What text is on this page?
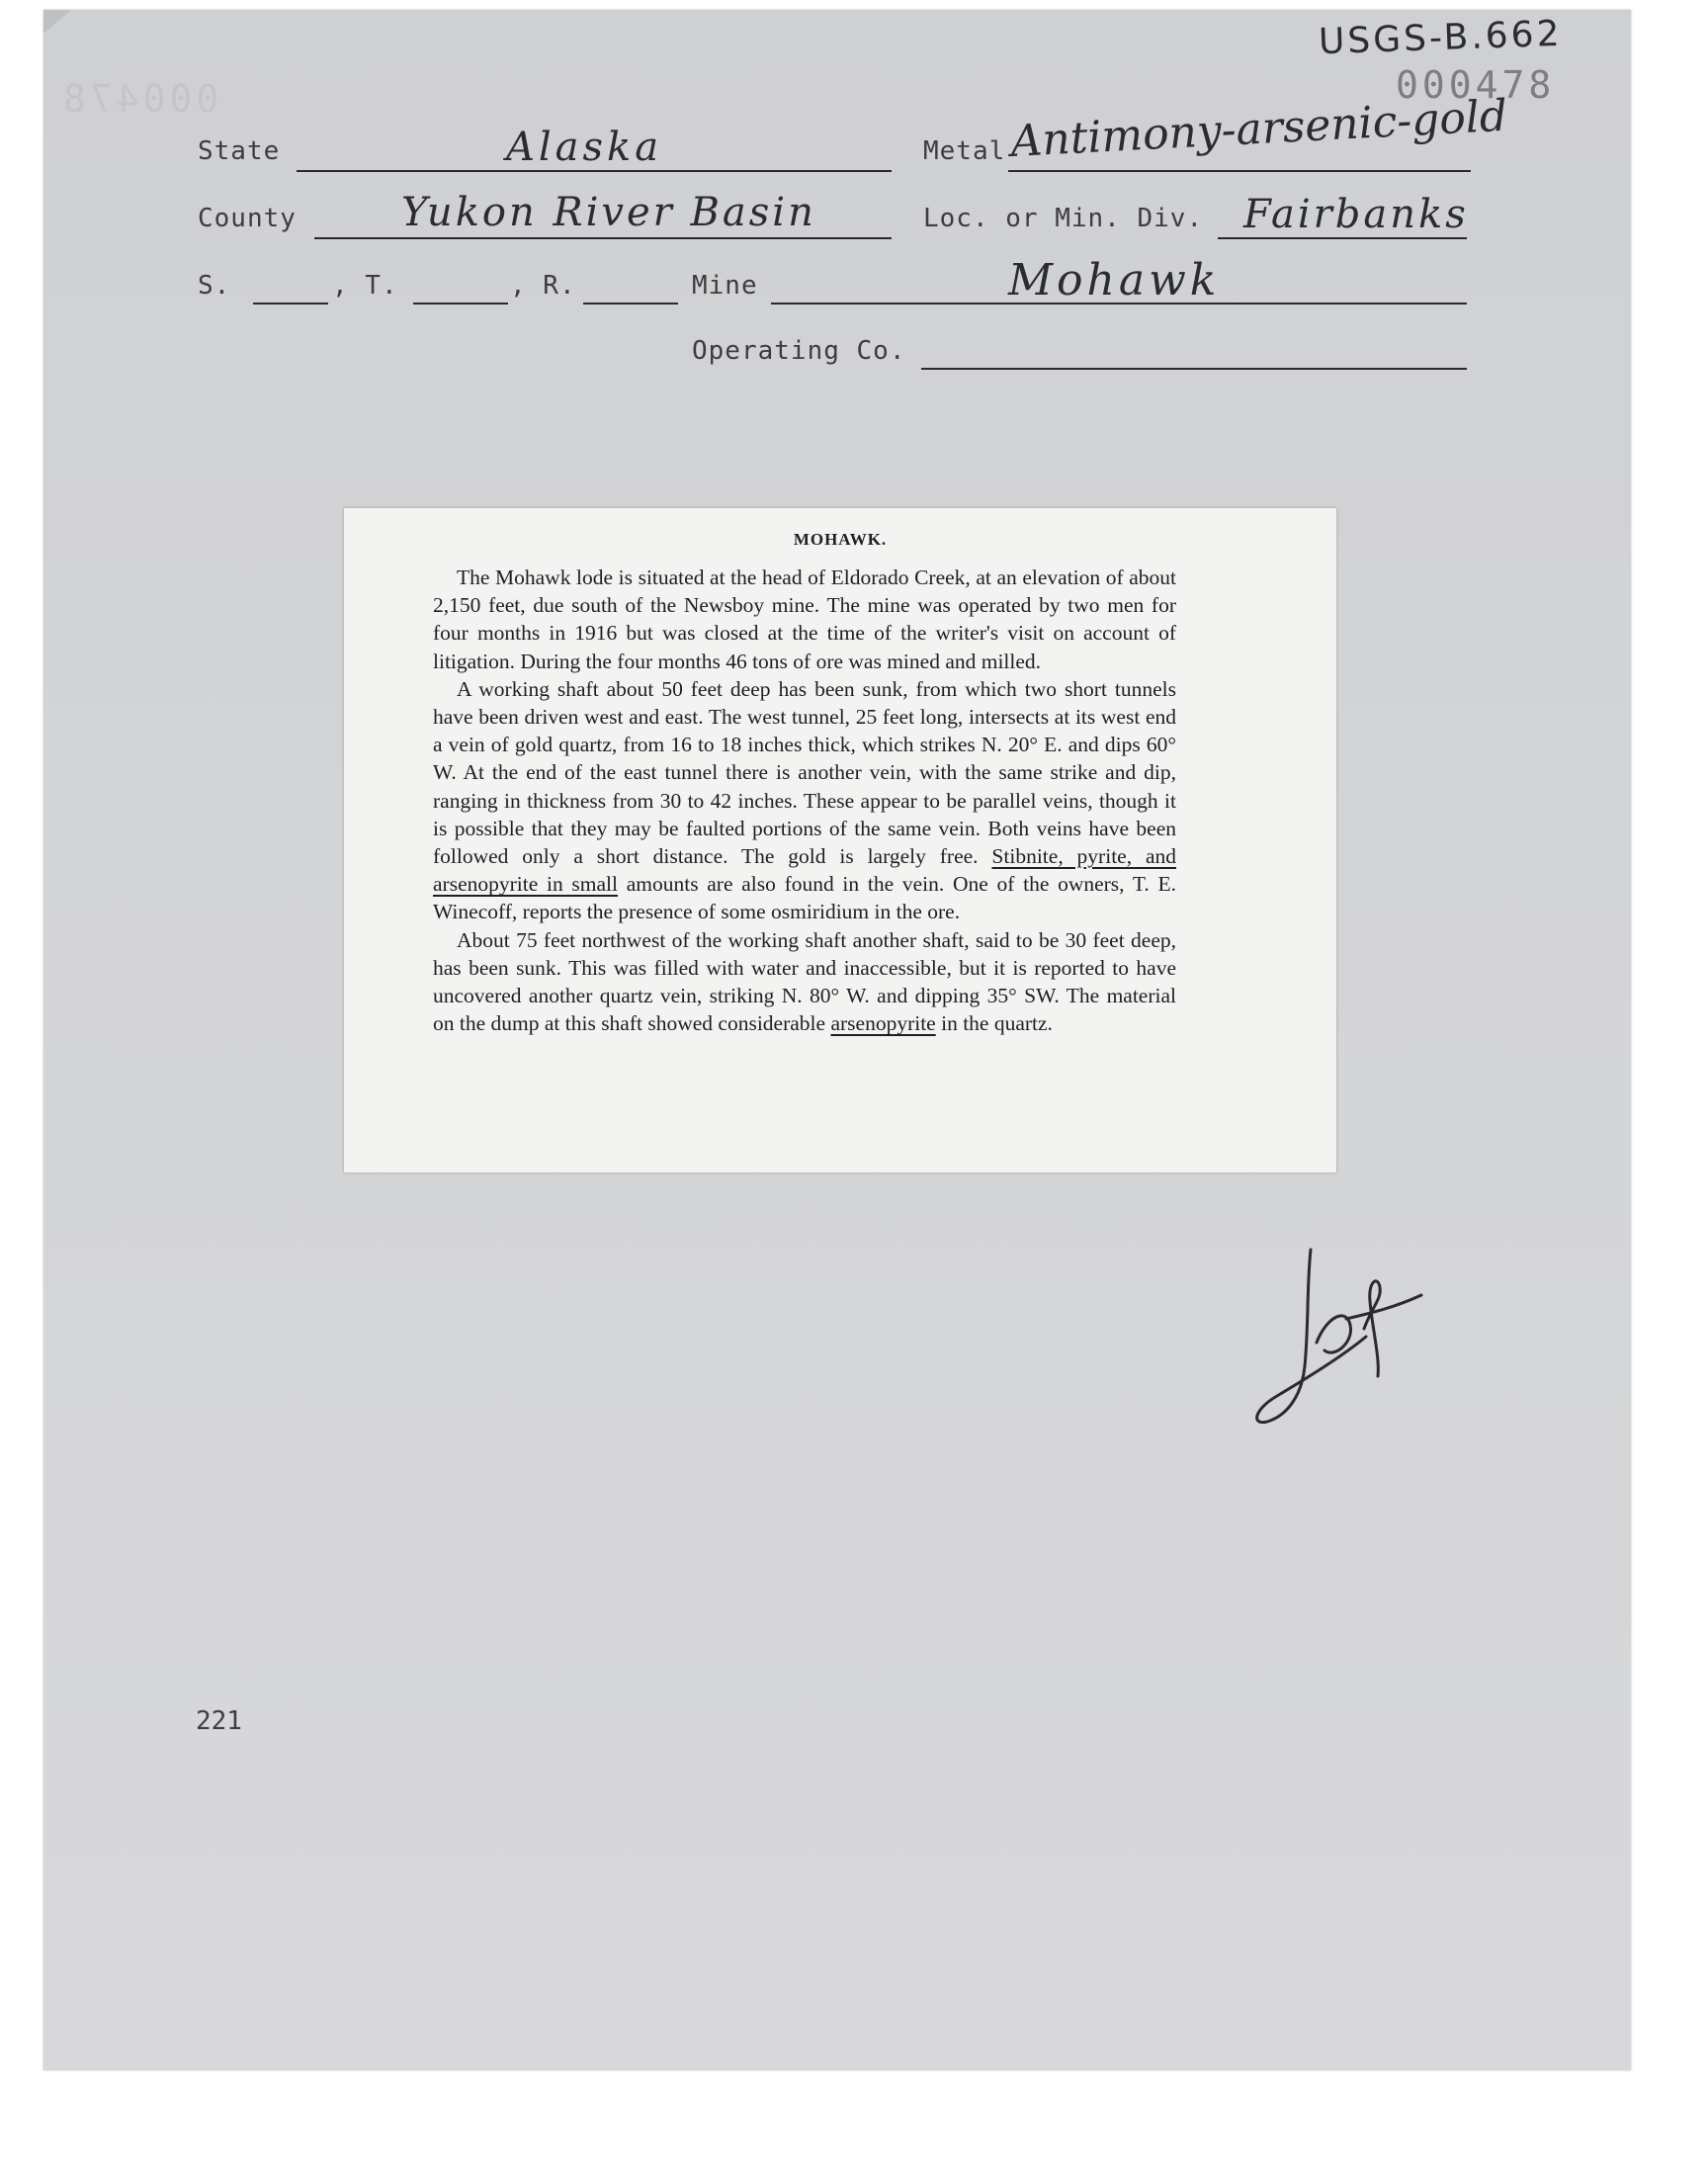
000478
USGS-B.662
000478
State	Alaska	Metal Antimony-arsenic-gold
County	Yukon River Basin	Loc. or Min. Div. Fairbanks
S.	, T.	, R.	Mine	Mohawk
Operating Co.
MOHAWK.

The Mohawk lode is situated at the head of Eldorado Creek, at an elevation of about 2,150 feet, due south of the Newsboy mine. The mine was operated by two men for four months in 1916 but was closed at the time of the writer's visit on account of litigation. During the four months 46 tons of ore was mined and milled.

A working shaft about 50 feet deep has been sunk, from which two short tunnels have been driven west and east. The west tunnel, 25 feet long, intersects at its west end a vein of gold quartz, from 16 to 18 inches thick, which strikes N. 20° E. and dips 60° W. At the end of the east tunnel there is another vein, with the same strike and dip, ranging in thickness from 30 to 42 inches. These appear to be parallel veins, though it is possible that they may be faulted portions of the same vein. Both veins have been followed only a short distance. The gold is largely free. Stibnite, pyrite, and arsenopyrite in small amounts are also found in the vein. One of the owners, T. E. Winecoff, reports the presence of some osmiridium in the ore.

About 75 feet northwest of the working shaft another shaft, said to be 30 feet deep, has been sunk. This was filled with water and inaccessible, but it is reported to have uncovered another quartz vein, striking N. 80° W. and dipping 35° SW. The material on the dump at this shaft showed considerable arsenopyrite in the quartz.

221
